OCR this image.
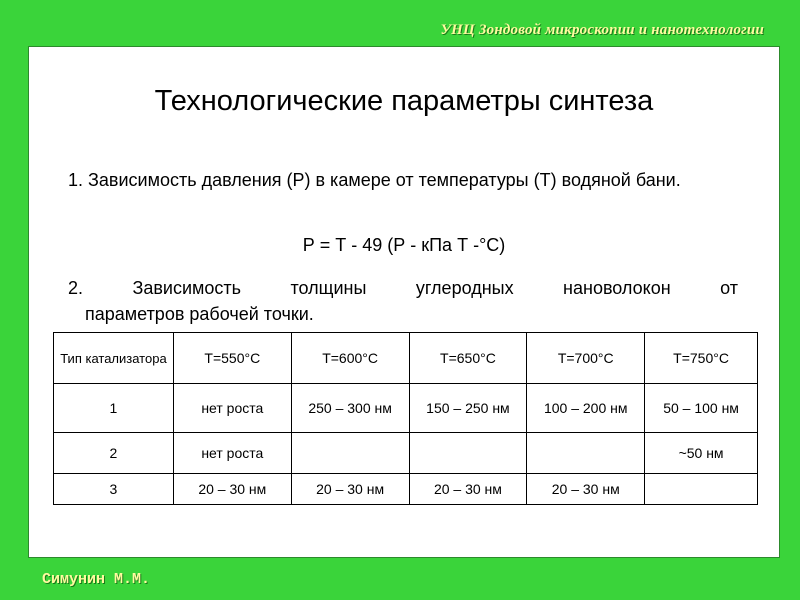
УНЦ Зондовой микроскопии и нанотехнологии
Технологические параметры синтеза
1. Зависимость давления (Р) в камере от температуры (Т) водяной бани.
Р = Т - 49 (Р - кПа Т -°С)
2. Зависимость толщины углеродных нановолокон от
параметров рабочей точки.
Тип катализатора	Т=550°С	Т=600°С	Т=650°С	Т=700°С	Т=750°С
1	нет роста	250 – 300 нм	150 – 250 нм	100 – 200 нм	50 – 100 нм
2	нет роста				~50 нм
3	20 – 30 нм	20 – 30 нм	20 – 30 нм	20 – 30 нм	
Симунин М.М.
